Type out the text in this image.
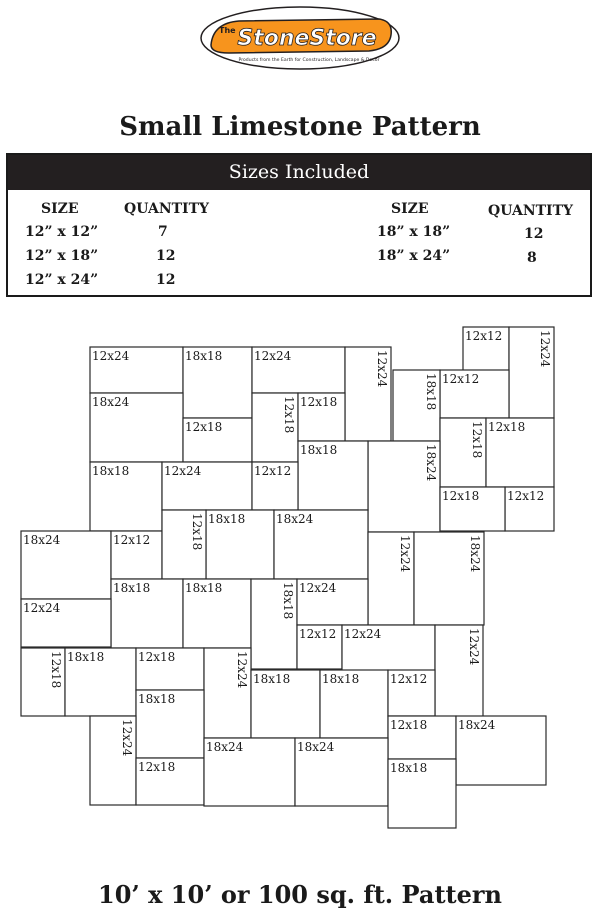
The StoneStore
Products from the Earth for Construction, Landscape & Decor
Small Limestone Pattern
Sizes Included
SIZE	QUANTITY
12” x 12”	7
12” x 18”	12
12” x 24”	12
SIZE	QUANTITY
18” x 18”	12
18” x 24”	8
12x24	18x18	12x24	12x24
12x12	12x24
18x24
12x18	12x18 12x18
12x12
18x18
12x18
18x24
12x18
18x18
18x18	12x24	12x12
18x18
12x12
18x24	12x12	12x18
18x18
18x24
12x24	18x24
12x24
18x18	18x18 12x24
12x18
12x12 12x24	12x24
12x18 18x18	12x18	12x24 18x18	18x18	12x12
18x18
12x24	12x18	18x24
12x18
18x24	18x24
18x18
10’ x 10’ or 100 sq. ft. Pattern
